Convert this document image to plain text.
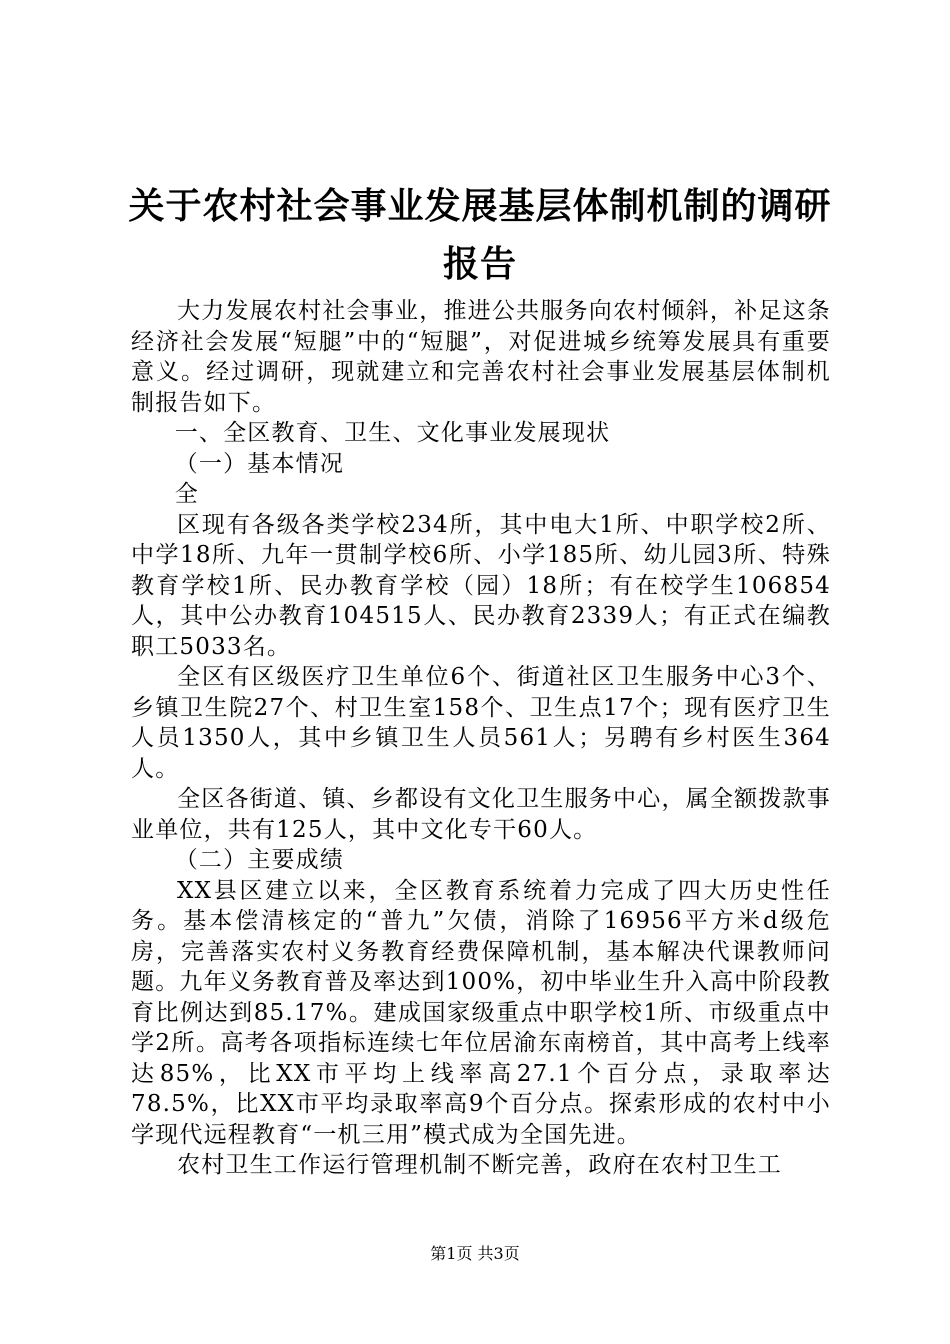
关于农村社会事业发展基层体制机制的调研报告

大力发展农村社会事业，推进公共服务向农村倾斜，补足这条经济社会发展“短腿”中的“短腿”，对促进城乡统筹发展具有重要意义。经过调研，现就建立和完善农村社会事业发展基层体制机制报告如下。

一、全区教育、卫生、文化事业发展现状

（一）基本情况

全

区现有各级各类学校234所，其中电大1所、中职学校2所、中学18所、九年一贯制学校6所、小学185所、幼儿园3所、特殊教育学校1所、民办教育学校（园）18所；有在校学生106854人，其中公办教育104515人、民办教育2339人；有正式在编教职工5033名。

全区有区级医疗卫生单位6个、街道社区卫生服务中心3个、乡镇卫生院27个、村卫生室158个、卫生点17个；现有医疗卫生人员1350人，其中乡镇卫生人员561人；另聘有乡村医生364人。

全区各街道、镇、乡都设有文化卫生服务中心，属全额拨款事业单位，共有125人，其中文化专干60人。

（二）主要成绩

XX县区建立以来，全区教育系统着力完成了四大历史性任务。基本偿清核定的“普九”欠债，消除了16956平方米d级危房，完善落实农村义务教育经费保障机制，基本解决代课教师问题。九年义务教育普及率达到100%，初中毕业生升入高中阶段教育比例达到85.17%。建成国家级重点中职学校1所、市级重点中学2所。高考各项指标连续七年位居渝东南榜首，其中高考上线率达85%，比XX市平均上线率高27.1个百分点，录取率达78.5%，比XX市平均录取率高9个百分点。探索形成的农村中小学现代远程教育“一机三用”模式成为全国先进。

农村卫生工作运行管理机制不断完善，政府在农村卫生工

第1页 共3页
